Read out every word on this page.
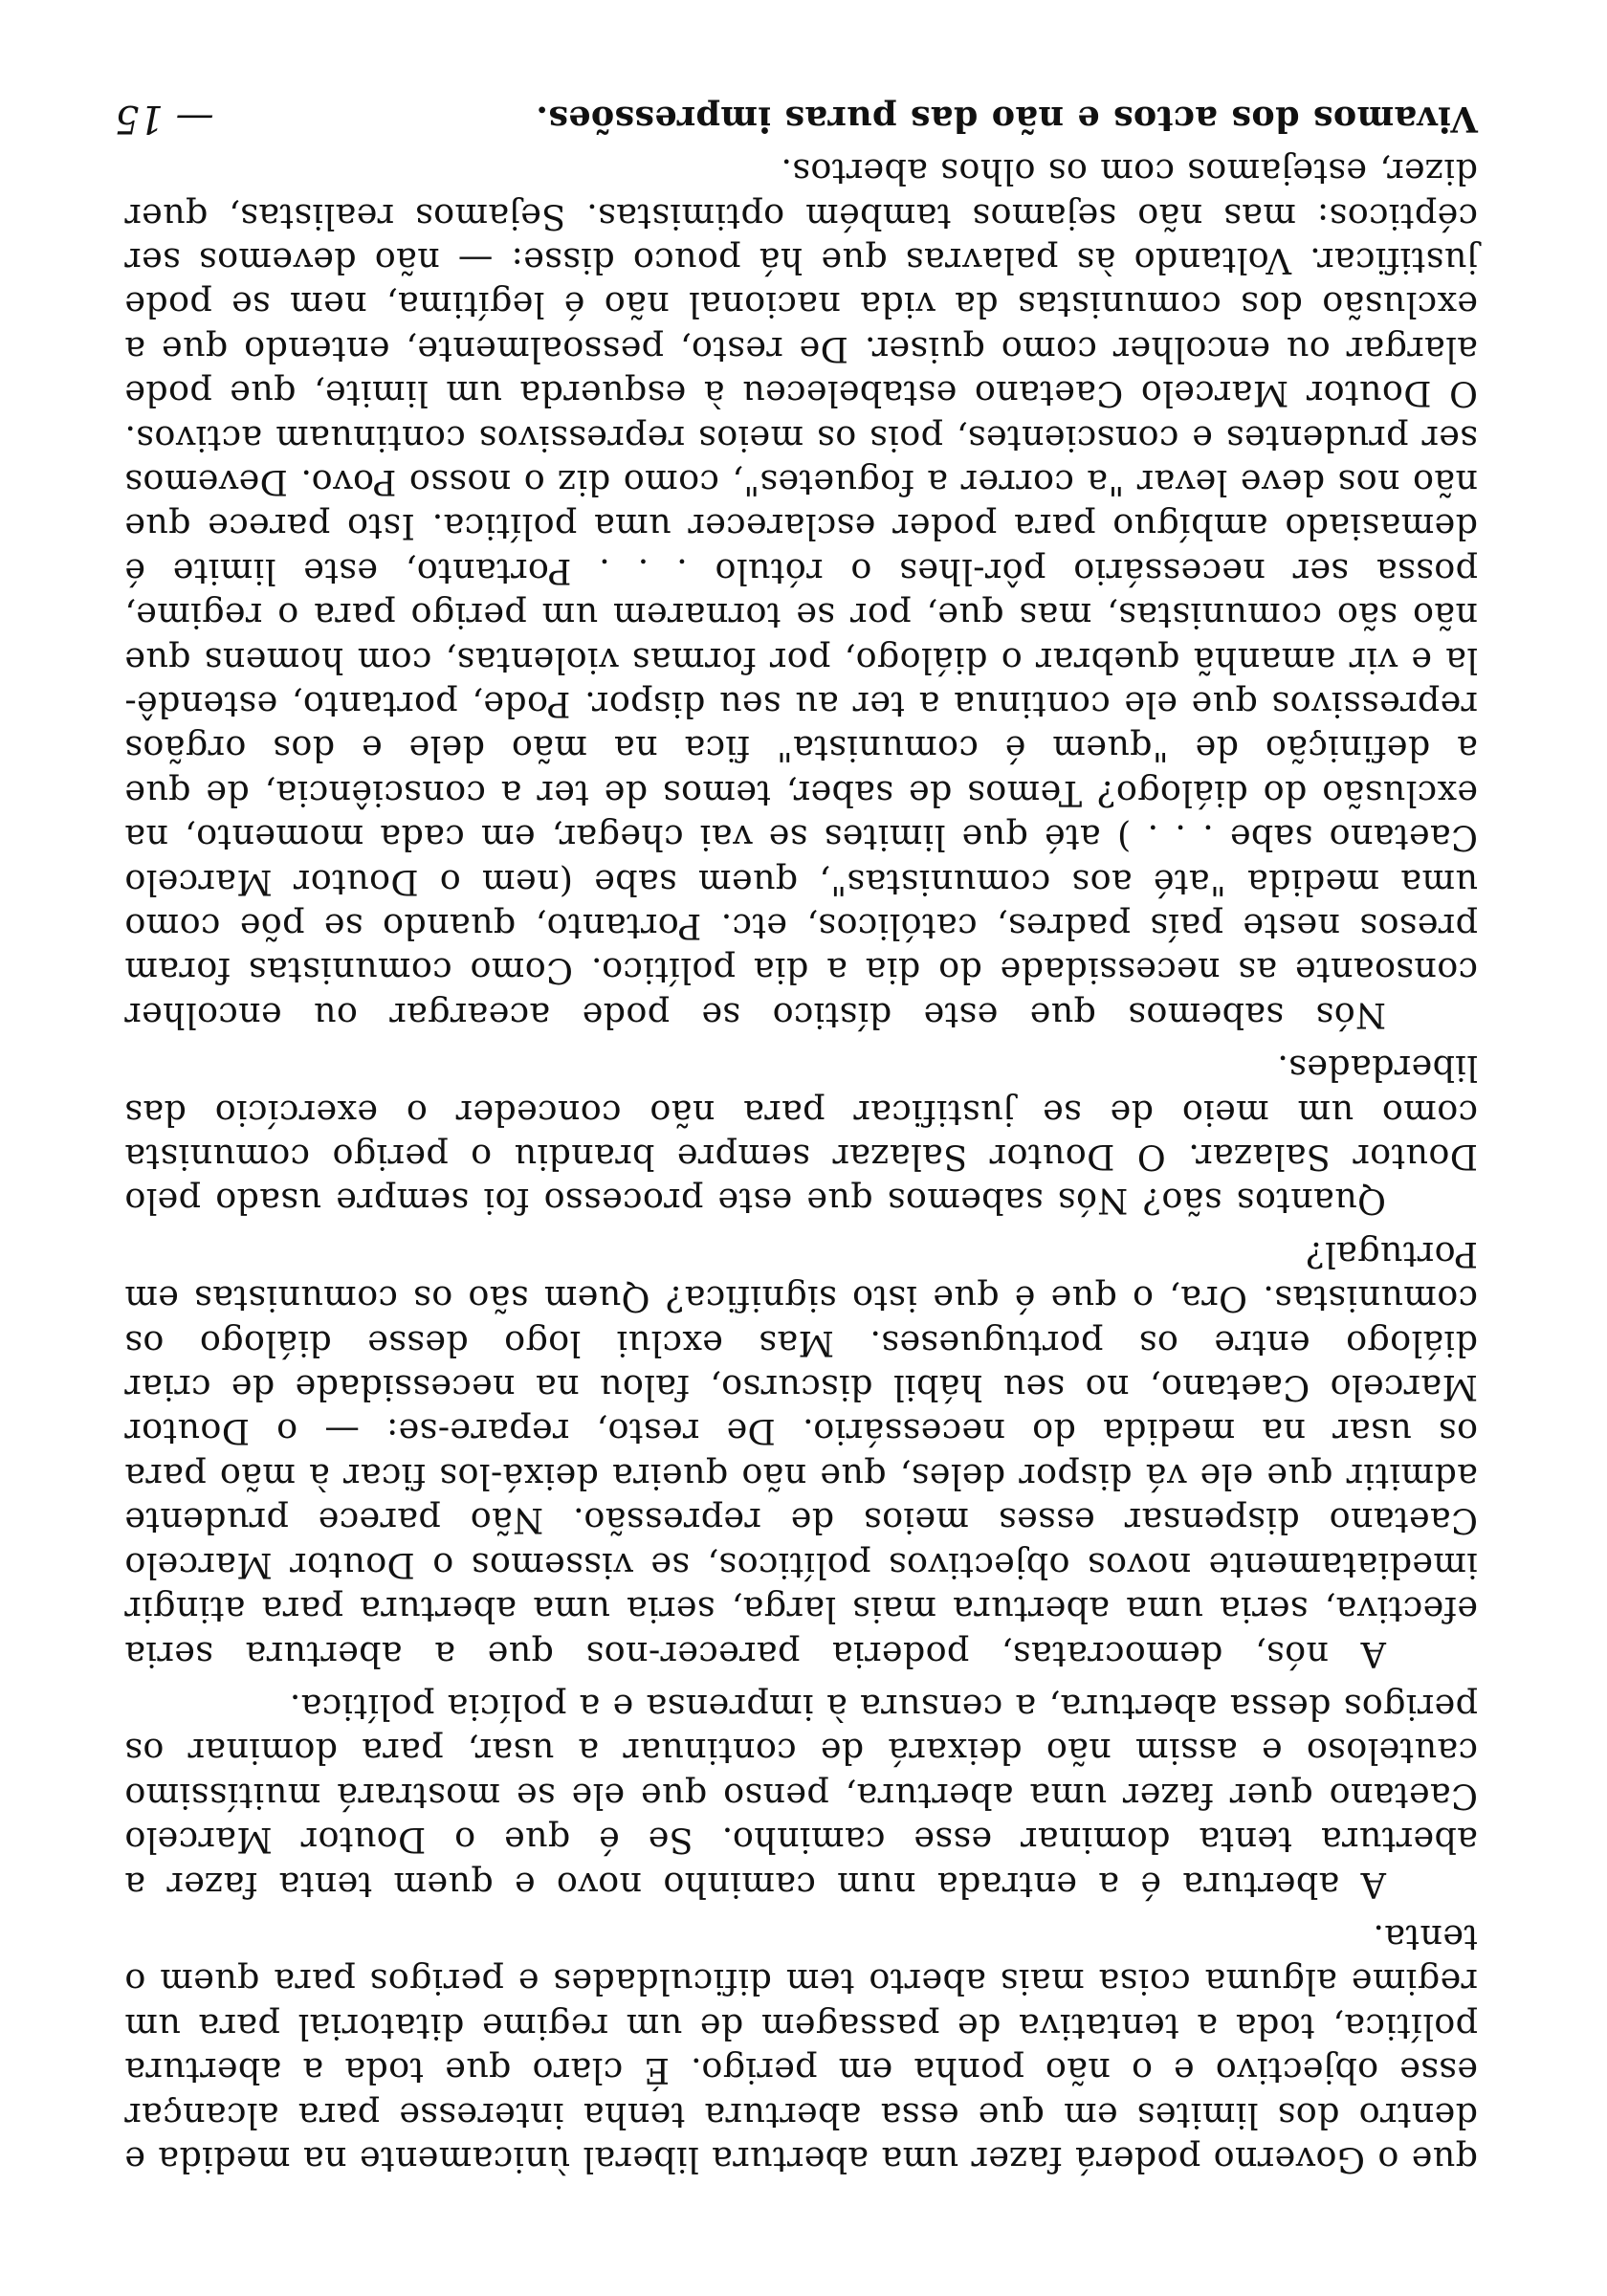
que o Governo poderá fazer uma abertura liberal ùnicamente na medida e dentro dos limites em que essa abertura tenha interesse para alcançar esse objectivo e o não ponha em perigo. É claro que toda a abertura política, toda a tentativa de passagem de um regime ditatorial para um regime alguma coisa mais aberto tem dificuldades e perigos para quem o tenta.

A abertura é a entrada num caminho novo e quem tenta fazer a abertura tenta dominar esse caminho. Se é que o Doutor Marcelo Caetano quer fazer uma abertura, penso que ele se mostrará muitíssimo cauteloso e assim não deixará de continuar a usar, para dominar os perigos dessa abertura, a censura à imprensa e a polícia política.

A nós, democratas, poderia parecer-nos que a abertura seria efectiva, seria uma abertura mais larga, seria uma abertura para atingir imediatamente novos objectivos políticos, se vissemos o Doutor Marcelo Caetano dispensar esses meios de repressão. Não parece prudente admitir que ele vá dispor deles, que não queira deixá-los ficar à mão para os usar na medida do necessário. De resto, repare-se: — o Doutor Marcelo Caetano, no seu hábil discurso, falou na necessidade de criar diálogo entre os portugueses. Mas exclui logo desse diálogo os comunistas. Ora, o que é que isto significa? Quem são os comunistas em Portugal?

Quantos são? Nós sabemos que este processo foi sempre usado pelo Doutor Salazar. O Doutor Salazar sempre brandiu o perigo comunista como um meio de se justificar para não conceder o exercício das liberdades.

Nós sabemos que este dístico se pode aceargar ou encolher consoante as necessidade do dia a dia político. Como comunistas foram presos neste país padres, católicos, etc. Portanto, quando se põe como uma medida "até aos comunistas", quem sabe (nem o Doutor Marcelo Caetano sabe . . . ) até que limites se vai chegar, em cada momento, na exclusão do diálogo? Temos de saber, temos de ter a consciência, de que a definição de "quem é comunista" fica na mão dele e dos orgãos repressivos que ele continua a ter au seu dispor. Pode, portanto, estendê-la e vir amanhã quebrar o diálogo, por formas violentas, com homens que não são comunistas, mas que, por se tornarem um perigo para o regime, possa ser necessário pôr-lhes o rótulo . . . Portanto, este limite é demasiado ambíguo para poder esclarecer uma política. Isto parece que não nos deve levar "a correr a foguetes", como diz o nosso Povo. Devemos ser prudentes e conscientes, pois os meios repressivos continuam activos. O Doutor Marcelo Caetano estabeleceu à esquerda um limite, que pode alargar ou encolher como quiser. De resto, pessoalmente, entendo que a exclusão dos comunistas da vida nacional não é legítima, nem se pode justificar. Voltando às palavras que há pouco disse: — não devemos ser cépticos: mas não sejamos também optimistas. Sejamos realistas, quer dizer, estejamos com os olhos abertos.

Vivamos dos actos e não das puras impressões.

— 15
